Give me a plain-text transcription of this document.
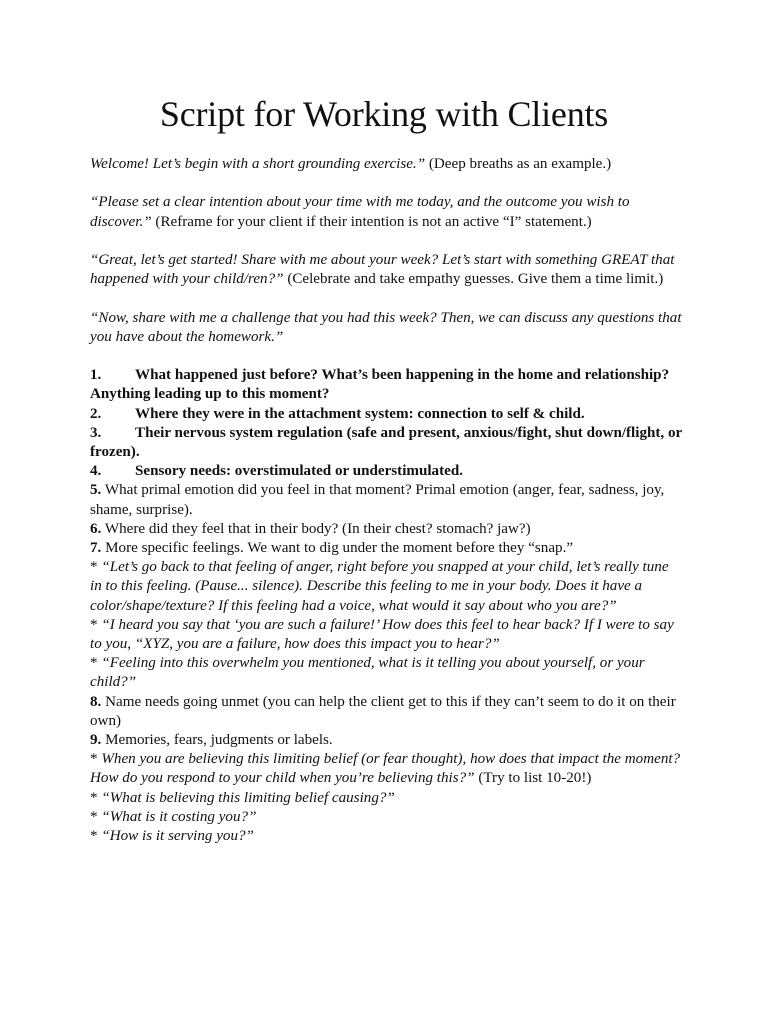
Script for Working with Clients

Welcome! Let’s begin with a short grounding exercise.” (Deep breaths as an example.)

“Please set a clear intention about your time with me today, and the outcome you wish to discover.” (Reframe for your client if their intention is not an active “I” statement.)

“Great, let’s get started! Share with me about your week? Let’s start with something GREAT that happened with your child/ren?” (Celebrate and take empathy guesses. Give them a time limit.)

“Now, share with me a challenge that you had this week? Then, we can discuss any questions that you have about the homework.”

1. What happened just before? What’s been happening in the home and relationship? Anything leading up to this moment?

2. Where they were in the attachment system: connection to self & child.

3. Their nervous system regulation (safe and present, anxious/fight, shut down/flight, or frozen).

4. Sensory needs: overstimulated or understimulated.

5. What primal emotion did you feel in that moment? Primal emotion (anger, fear, sadness, joy, shame, surprise).

6. Where did they feel that in their body? (In their chest? stomach? jaw?)

7. More specific feelings. We want to dig under the moment before they “snap.”

* “Let’s go back to that feeling of anger, right before you snapped at your child, let’s really tune in to this feeling. (Pause... silence). Describe this feeling to me in your body. Does it have a color/shape/texture? If this feeling had a voice, what would it say about who you are?”

* “I heard you say that ‘you are such a failure!’ How does this feel to hear back? If I were to say to you, “XYZ, you are a failure, how does this impact you to hear?”

* “Feeling into this overwhelm you mentioned, what is it telling you about yourself, or your child?”

8. Name needs going unmet (you can help the client get to this if they can’t seem to do it on their own)

9. Memories, fears, judgments or labels.

* When you are believing this limiting belief (or fear thought), how does that impact the moment? How do you respond to your child when you’re believing this?” (Try to list 10-20!)

* “What is believing this limiting belief causing?”

* “What is it costing you?”

* “How is it serving you?”
